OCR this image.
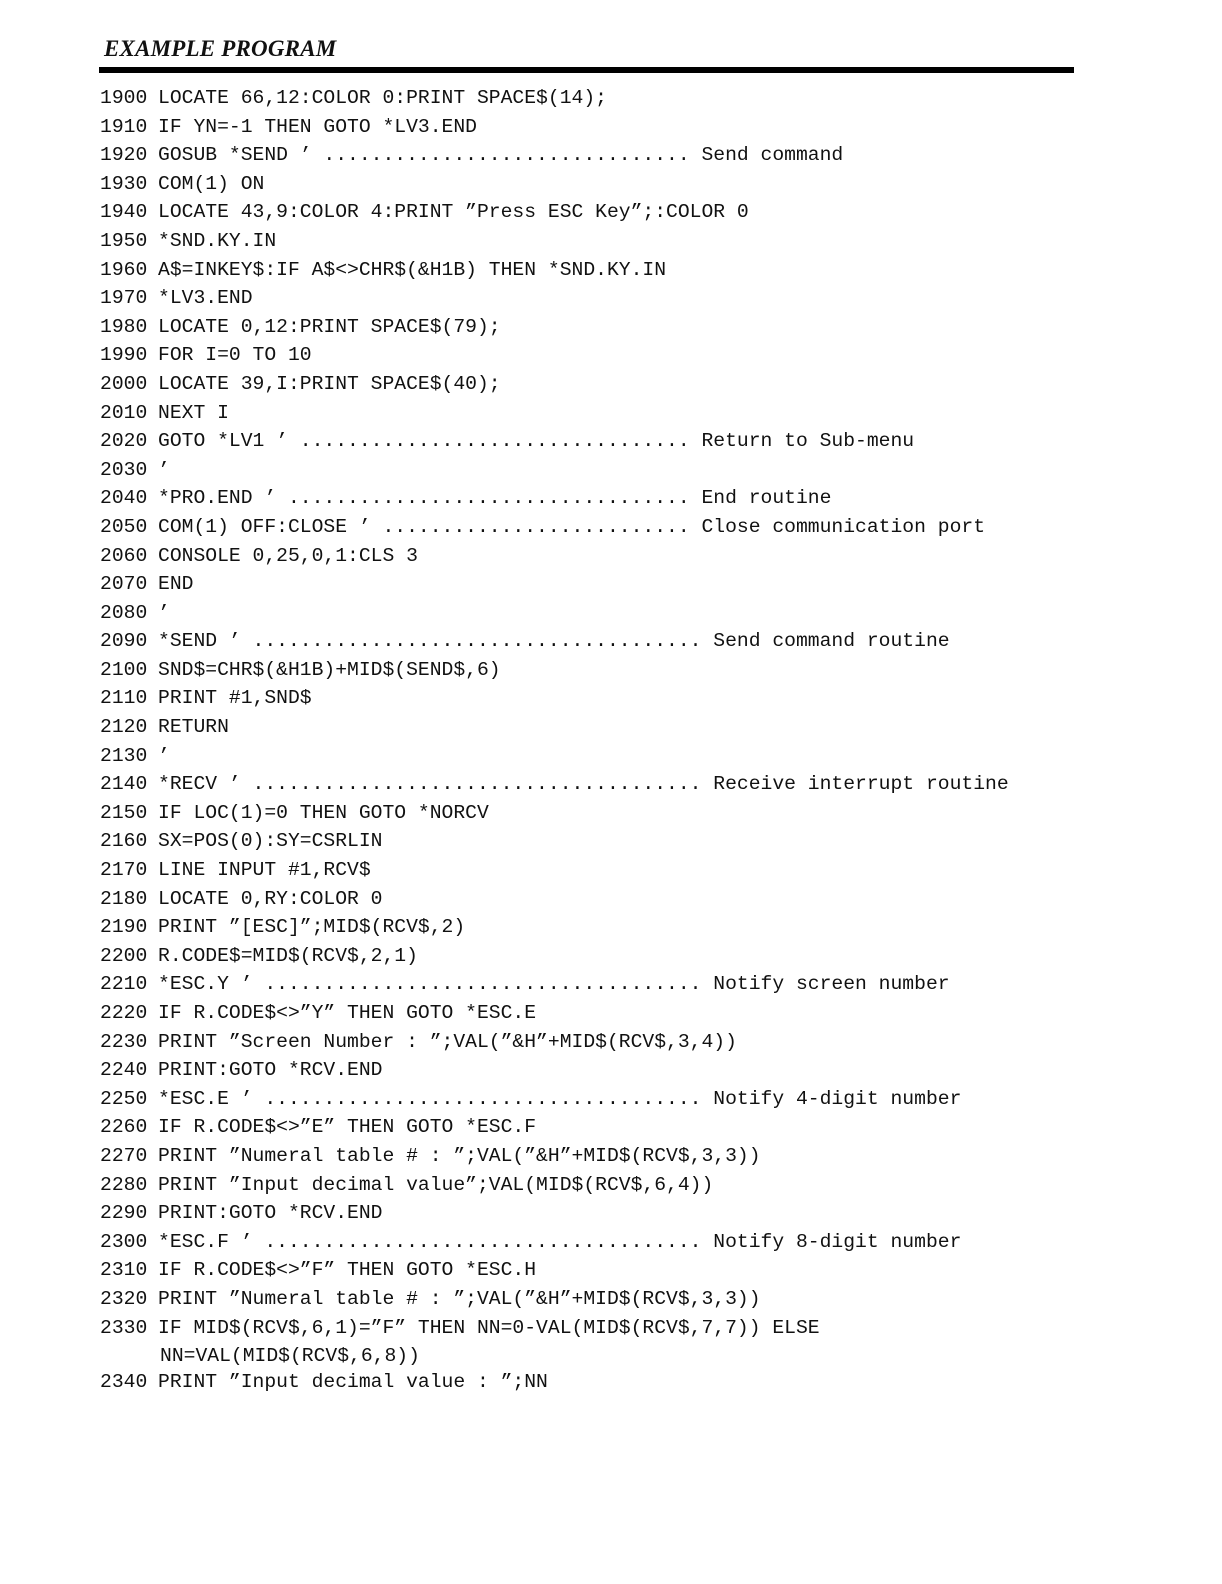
EXAMPLE PROGRAM
1900 LOCATE 66,12:COLOR 0:PRINT SPACE$(14);
1910 IF YN=-1 THEN GOTO *LV3.END
1920 GOSUB *SEND ’ ............................... Send command
1930 COM(1) ON
1940 LOCATE 43,9:COLOR 4:PRINT ”Press ESC Key”;:COLOR 0
1950 *SND.KY.IN
1960 A$=INKEY$:IF A$<>CHR$(&H1B) THEN *SND.KY.IN
1970 *LV3.END
1980 LOCATE 0,12:PRINT SPACE$(79);
1990 FOR I=0 TO 10
2000 LOCATE 39,I:PRINT SPACE$(40);
2010 NEXT I
2020 GOTO *LV1 ’ ................................. Return to Sub-menu
2030 ’
2040 *PRO.END ’ .................................. End routine
2050 COM(1) OFF:CLOSE ’ .......................... Close communication port
2060 CONSOLE 0,25,0,1:CLS 3
2070 END
2080 ’
2090 *SEND ’ ...................................... Send command routine
2100 SND$=CHR$(&H1B)+MID$(SEND$,6)
2110 PRINT #1,SND$
2120 RETURN
2130 ’
2140 *RECV ’ ...................................... Receive interrupt routine
2150 IF LOC(1)=0 THEN GOTO *NORCV
2160 SX=POS(0):SY=CSRLIN
2170 LINE INPUT #1,RCV$
2180 LOCATE 0,RY:COLOR 0
2190 PRINT ”[ESC]”;MID$(RCV$,2)
2200 R.CODE$=MID$(RCV$,2,1)
2210 *ESC.Y ’ ..................................... Notify screen number
2220 IF R.CODE$<>”Y” THEN GOTO *ESC.E
2230 PRINT ”Screen Number : ”;VAL(”&H”+MID$(RCV$,3,4))
2240 PRINT:GOTO *RCV.END
2250 *ESC.E ’ ..................................... Notify 4-digit number
2260 IF R.CODE$<>”E” THEN GOTO *ESC.F
2270 PRINT ”Numeral table # : ”;VAL(”&H”+MID$(RCV$,3,3))
2280 PRINT ”Input decimal value”;VAL(MID$(RCV$,6,4))
2290 PRINT:GOTO *RCV.END
2300 *ESC.F ’ ..................................... Notify 8-digit number
2310 IF R.CODE$<>”F” THEN GOTO *ESC.H
2320 PRINT ”Numeral table # : ”;VAL(”&H”+MID$(RCV$,3,3))
2330 IF MID$(RCV$,6,1)=”F” THEN NN=0-VAL(MID$(RCV$,7,7)) ELSE
NN=VAL(MID$(RCV$,6,8))
2340 PRINT ”Input decimal value : ”;NN
